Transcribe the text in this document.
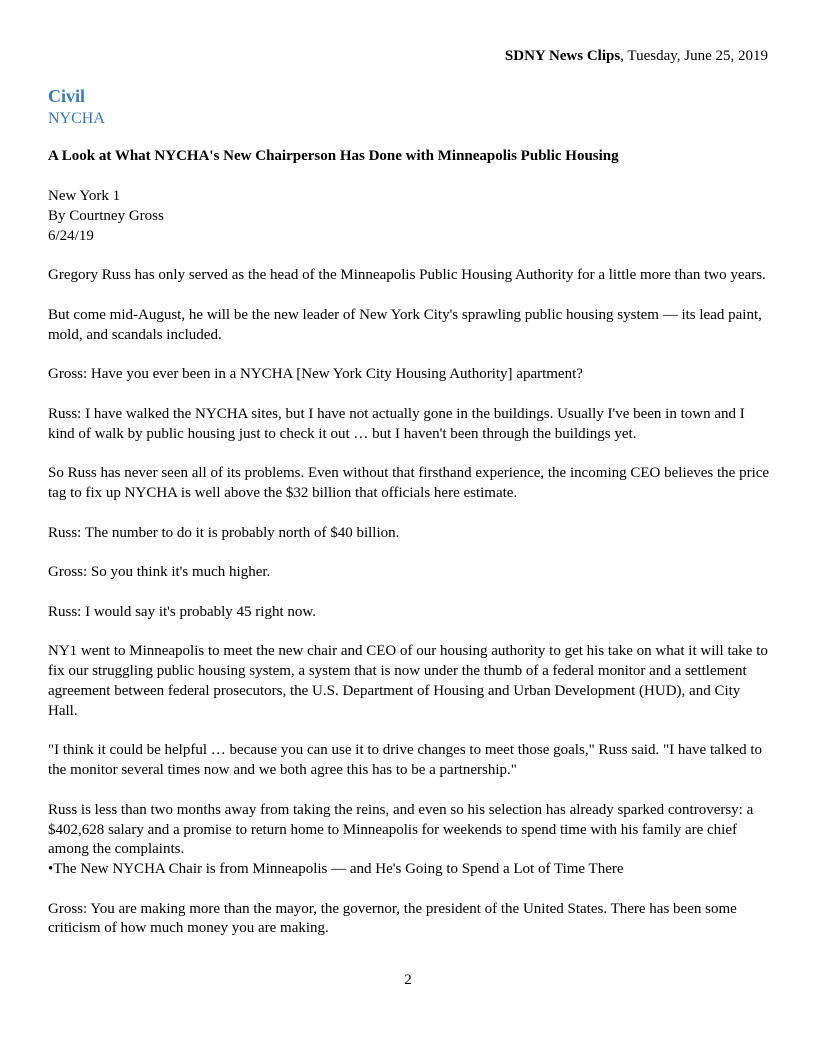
SDNY News Clips, Tuesday, June 25, 2019
Civil
NYCHA
A Look at What NYCHA's New Chairperson Has Done with Minneapolis Public Housing

New York 1
By Courtney Gross
6/24/19

Gregory Russ has only served as the head of the Minneapolis Public Housing Authority for a little more than two years.

But come mid-August, he will be the new leader of New York City's sprawling public housing system — its lead paint, mold, and scandals included.

Gross: Have you ever been in a NYCHA [New York City Housing Authority] apartment?

Russ: I have walked the NYCHA sites, but I have not actually gone in the buildings. Usually I've been in town and I kind of walk by public housing just to check it out … but I haven't been through the buildings yet.

So Russ has never seen all of its problems. Even without that firsthand experience, the incoming CEO believes the price tag to fix up NYCHA is well above the $32 billion that officials here estimate.

Russ: The number to do it is probably north of $40 billion.

Gross: So you think it's much higher.

Russ: I would say it's probably 45 right now.

NY1 went to Minneapolis to meet the new chair and CEO of our housing authority to get his take on what it will take to fix our struggling public housing system, a system that is now under the thumb of a federal monitor and a settlement agreement between federal prosecutors, the U.S. Department of Housing and Urban Development (HUD), and City Hall.

"I think it could be helpful … because you can use it to drive changes to meet those goals," Russ said. "I have talked to the monitor several times now and we both agree this has to be a partnership."

Russ is less than two months away from taking the reins, and even so his selection has already sparked controversy: a $402,628 salary and a promise to return home to Minneapolis for weekends to spend time with his family are chief among the complaints.

•The New NYCHA Chair is from Minneapolis — and He's Going to Spend a Lot of Time There

Gross: You are making more than the mayor, the governor, the president of the United States. There has been some criticism of how much money you are making.

2
